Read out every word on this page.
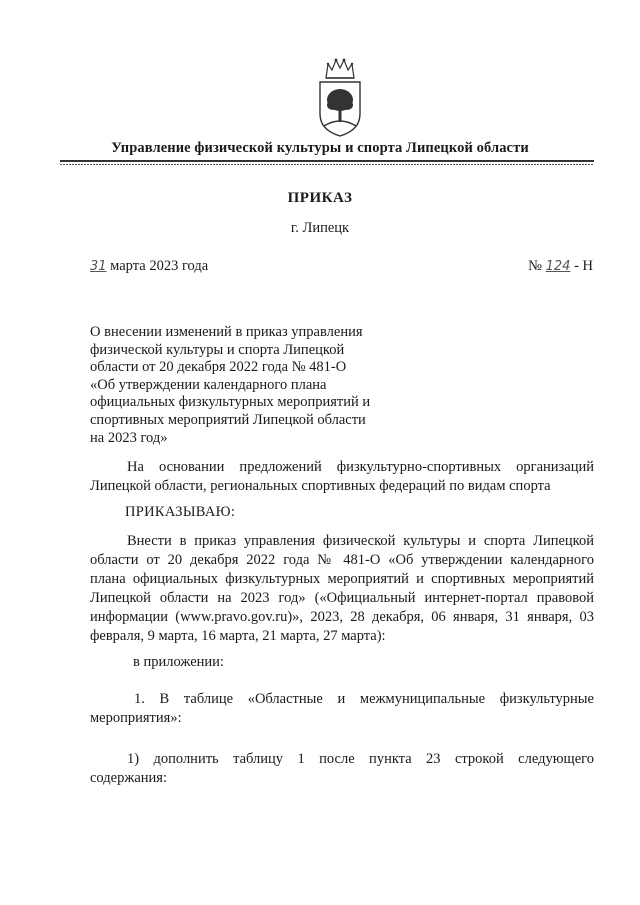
Управление физической культуры и спорта Липецкой области
ПРИКАЗ
г. Липецк
31 марта 2023 года	№ 124 - Н
О внесении изменений в приказ управления
физической культуры и спорта Липецкой
области от 20 декабря 2022 года № 481-О
«Об утверждении календарного плана
официальных физкультурных мероприятий и
спортивных мероприятий Липецкой области
на 2023 год»
На основании предложений физкультурно-спортивных организаций
Липецкой области, региональных спортивных федераций по видам спорта
ПРИКАЗЫВАЮ:
Внести в приказ управления физической культуры и спорта Липецкой
области от 20 декабря 2022 года № 481-О «Об утверждении календарного
плана официальных физкультурных мероприятий и спортивных мероприятий
Липецкой области на 2023 год» («Официальный интернет-портал правовой
информации (www.pravo.gov.ru)», 2023, 28 декабря, 06 января, 31 января, 03
февраля, 9 марта, 16 марта, 21 марта, 27 марта):
в приложении:
1. В таблице «Областные и межмуниципальные физкультурные
мероприятия»:
1) дополнить таблицу 1 после пункта 23 строкой следующего
содержания:
